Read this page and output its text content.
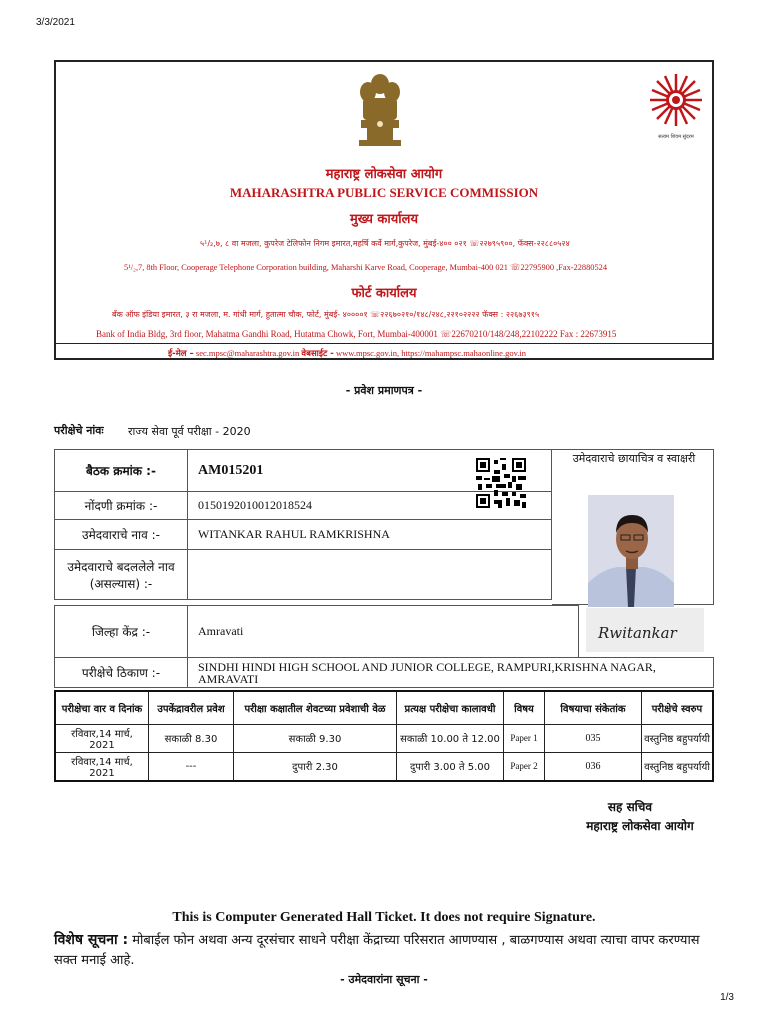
3/3/2021
सत्यम शिवम सुंदरम
महाराष्ट्र लोकसेवा आयोग
MAHARASHTRA PUBLIC SERVICE COMMISSION
मुख्य कार्यालय
५¹/₂,७, ८ वा मजला, कुपरेज टेलिफोन निगम इमारत,महर्षि कर्वे मार्ग,कुपरेज, मुंबई-४०० ०२१ ☏२२७९५९००, फॅक्स-२२८८०५२४
5¹/₂,7, 8th Floor, Cooperage Telephone Corporation building, Maharshi Karve Road, Cooperage, Mumbai-400 021 ☏22795900 ,Fax-22880524
फोर्ट कार्यालय
बँक ऑफ इंडिया इमारत, ३ रा मजला, म. गांधी मार्ग, हुतात्मा चौक, फोर्ट, मुंबई- ४००००१ ☏२२६७०२१०/१४८/२४८,२२१०२२२२ फॅक्स : २२६७३९१५
Bank of India Bldg, 3rd floor, Mahatma Gandhi Road, Hutatma Chowk, Fort, Mumbai-400001 ☏22670210/148/248,22102222 Fax : 22673915
ई-मेल – sec.mpsc@maharashtra.gov.in वेबसाईट - www.mpsc.gov.in, https://mahampsc.mahaonline.gov.in
- प्रवेश प्रमाणपत्र -
परीक्षेचे नांवः राज्य सेवा पूर्व परीक्षा - 2020
बैठक क्रमांक :-	AM015201
नोंदणी क्रमांक :-	0150192010012018524
उमेदवाराचे नाव :-	WITANKAR RAHUL RAMKRISHNA

उमेदवाराचे बदललेले नाव
(असल्यास) :-	

जिल्हा केंद्र :-	Amravati	
परीक्षेचे ठिकाण :-	SINDHI HINDI HIGH SCHOOL AND JUNIOR COLLEGE, RAMPURI,KRISHNA NAGAR, AMRAVATI	
उमेदवाराचे छायाचित्र व स्वाक्षरी
Rwitankar
परीक्षेचा वार व दिनांक	उपकेंद्रावरील प्रवेश	परीक्षा कक्षातील शेवटच्या प्रवेशाची वेळ	प्रत्यक्ष परीक्षेचा कालावधी	विषय	विषयाचा संकेतांक	परीक्षेचे स्वरुप
रविवार,14 मार्च, 2021	सकाळी 8.30	सकाळी 9.30	सकाळी 10.00 ते 12.00	Paper 1	035	वस्तुनिष्ठ बहुपर्यायी
रविवार,14 मार्च, 2021	---	दुपारी 2.30	दुपारी 3.00 ते 5.00	Paper 2	036	वस्तुनिष्ठ बहुपर्यायी
सह सचिव
महाराष्ट्र लोकसेवा आयोग
This is Computer Generated Hall Ticket. It does not require Signature.
विशेष सूचना : मोबाईल फोन अथवा अन्य दूरसंचार साधने परीक्षा केंद्राच्या परिसरात आणण्यास , बाळगण्यास अथवा त्याचा वापर करण्यास सक्त मनाई आहे.
- उमेदवारांना सूचना -
1/3
